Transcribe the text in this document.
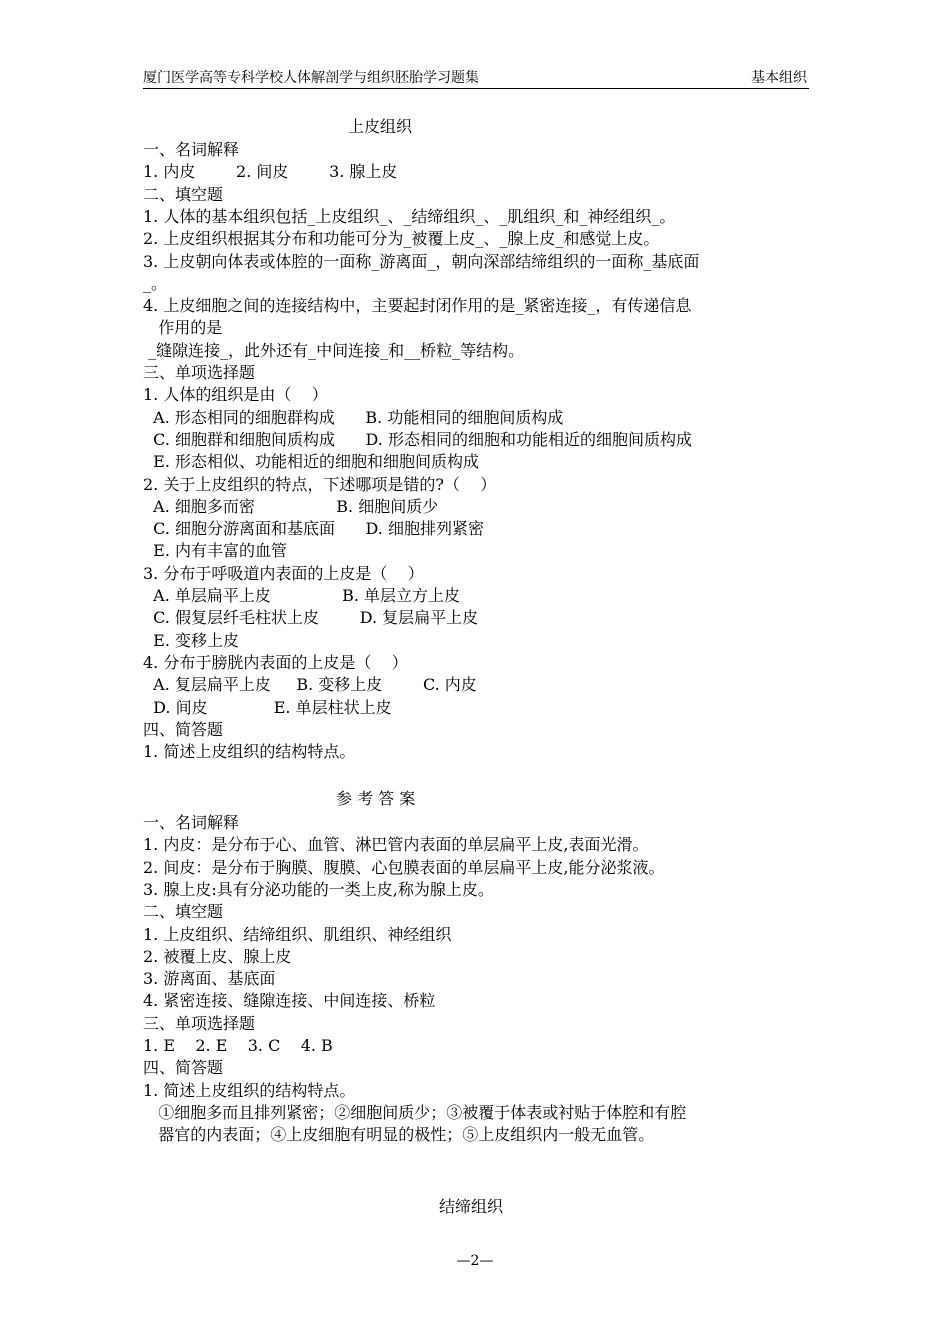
厦门医学高等专科学校人体解剖学与组织胚胎学习题集	基本组织
上皮组织
一、名词解释
1. 内皮        2. 间皮        3. 腺上皮
二、填空题
1. 人体的基本组织包括_上皮组织_、_结缔组织_、_肌组织_和_神经组织_。
2. 上皮组织根据其分布和功能可分为_被覆上皮_、_腺上皮_和感觉上皮。
3. 上皮朝向体表或体腔的一面称_游离面_，朝向深部结缔组织的一面称_基底面
_。
4. 上皮细胞之间的连接结构中，主要起封闭作用的是_紧密连接_，有传递信息
作用的是
_缝隙连接_，此外还有_中间连接_和__桥粒_等结构。
三、单项选择题
1. 人体的组织是由（    ）
A. 形态相同的细胞群构成      B. 功能相同的细胞间质构成
C. 细胞群和细胞间质构成      D. 形态相同的细胞和功能相近的细胞间质构成
E. 形态相似、功能相近的细胞和细胞间质构成
2. 关于上皮组织的特点，下述哪项是错的?（    ）
A. 细胞多而密                B. 细胞间质少
C. 细胞分游离面和基底面      D. 细胞排列紧密
E. 内有丰富的血管
3. 分布于呼吸道内表面的上皮是（    ）
A. 单层扁平上皮              B. 单层立方上皮
C. 假复层纤毛柱状上皮        D. 复层扁平上皮
E. 变移上皮
4. 分布于膀胱内表面的上皮是（    ）
A. 复层扁平上皮     B. 变移上皮        C. 内皮
D. 间皮             E. 单层柱状上皮
四、简答题
1. 简述上皮组织的结构特点。
参 考 答 案
一、名词解释
1. 内皮：是分布于心、血管、淋巴管内表面的单层扁平上皮,表面光滑。
2. 间皮：是分布于胸膜、腹膜、心包膜表面的单层扁平上皮,能分泌浆液。
3. 腺上皮:具有分泌功能的一类上皮,称为腺上皮。
二、填空题
1. 上皮组织、结缔组织、肌组织、神经组织
2. 被覆上皮、腺上皮
3. 游离面、基底面
4. 紧密连接、缝隙连接、中间连接、桥粒
三、单项选择题
1. E    2. E    3. C    4. B
四、简答题
1. 简述上皮组织的结构特点。
①细胞多而且排列紧密；②细胞间质少；③被覆于体表或衬贴于体腔和有腔
器官的内表面；④上皮细胞有明显的极性；⑤上皮组织内一般无血管。
结缔组织
—2—
